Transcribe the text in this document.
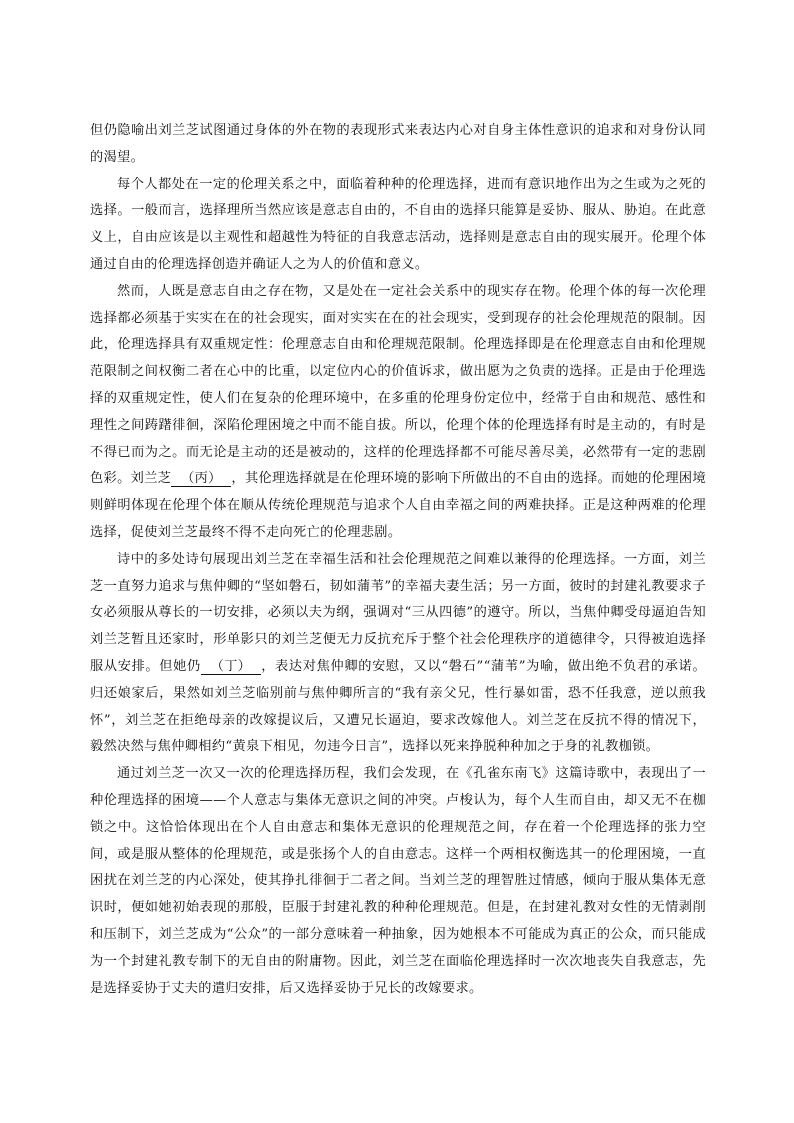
但仍隐喻出刘兰芝试图通过身体的外在物的表现形式来表达内心对自身主体性意识的追求和对身份认同的渴望。

每个人都处在一定的伦理关系之中，面临着种种的伦理选择，进而有意识地作出为之生或为之死的选择。一般而言，选择理所当然应该是意志自由的，不自由的选择只能算是妥协、服从、胁迫。在此意义上，自由应该是以主观性和超越性为特征的自我意志活动，选择则是意志自由的现实展开。伦理个体通过自由的伦理选择创造并确证人之为人的价值和意义。

然而，人既是意志自由之存在物，又是处在一定社会关系中的现实存在物。伦理个体的每一次伦理选择都必须基于实实在在的社会现实，面对实实在在的社会现实，受到现存的社会伦理规范的限制。因此，伦理选择具有双重规定性：伦理意志自由和伦理规范限制。伦理选择即是在伦理意志自由和伦理规范限制之间权衡二者在心中的比重，以定位内心的价值诉求，做出愿为之负责的选择。正是由于伦理选择的双重规定性，使人们在复杂的伦理环境中，在多重的伦理身份定位中，经常于自由和规范、感性和理性之间踌躇徘徊，深陷伦理困境之中而不能自拔。所以，伦理个体的伦理选择有时是主动的，有时是不得已而为之。而无论是主动的还是被动的，这样的伦理选择都不可能尽善尽美，必然带有一定的悲剧色彩。刘兰芝 （丙） ，其伦理选择就是在伦理环境的影响下所做出的不自由的选择。而她的伦理困境则鲜明体现在伦理个体在顺从传统伦理规范与追求个人自由幸福之间的两难抉择。正是这种两难的伦理选择，促使刘兰芝最终不得不走向死亡的伦理悲剧。

诗中的多处诗句展现出刘兰芝在幸福生活和社会伦理规范之间难以兼得的伦理选择。一方面，刘兰芝一直努力追求与焦仲卿的“坚如磐石，韧如蒲苇”的幸福夫妻生活；另一方面，彼时的封建礼教要求子女必须服从尊长的一切安排，必须以夫为纲，强调对“三从四德”的遵守。所以，当焦仲卿受母逼迫告知刘兰芝暂且还家时，形单影只的刘兰芝便无力反抗充斥于整个社会伦理秩序的道德律令，只得被迫选择服从安排。但她仍 （丁） ，表达对焦仲卿的安慰，又以“磐石”“蒲苇”为喻，做出绝不负君的承诺。归还娘家后，果然如刘兰芝临别前与焦仲卿所言的“我有亲父兄，性行暴如雷，恐不任我意，逆以煎我怀”，刘兰芝在拒绝母亲的改嫁提议后，又遭兄长逼迫，要求改嫁他人。刘兰芝在反抗不得的情况下，毅然决然与焦仲卿相约“黄泉下相见，勿违今日言”，选择以死来挣脱种种加之于身的礼教枷锁。

通过刘兰芝一次又一次的伦理选择历程，我们会发现，在《孔雀东南飞》这篇诗歌中，表现出了一种伦理选择的困境——个人意志与集体无意识之间的冲突。卢梭认为，每个人生而自由，却又无不在枷锁之中。这恰恰体现出在个人自由意志和集体无意识的伦理规范之间，存在着一个伦理选择的张力空间，或是服从整体的伦理规范，或是张扬个人的自由意志。这样一个两相权衡选其一的伦理困境，一直困扰在刘兰芝的内心深处，使其挣扎徘徊于二者之间。当刘兰芝的理智胜过情感，倾向于服从集体无意识时，便如她初始表现的那般，臣服于封建礼教的种种伦理规范。但是，在封建礼教对女性的无情剥削和压制下，刘兰芝成为“公众”的一部分意味着一种抽象，因为她根本不可能成为真正的公众，而只能成为一个封建礼教专制下的无自由的附庸物。因此，刘兰芝在面临伦理选择时一次次地丧失自我意志，先是选择妥协于丈夫的遣归安排，后又选择妥协于兄长的改嫁要求。
